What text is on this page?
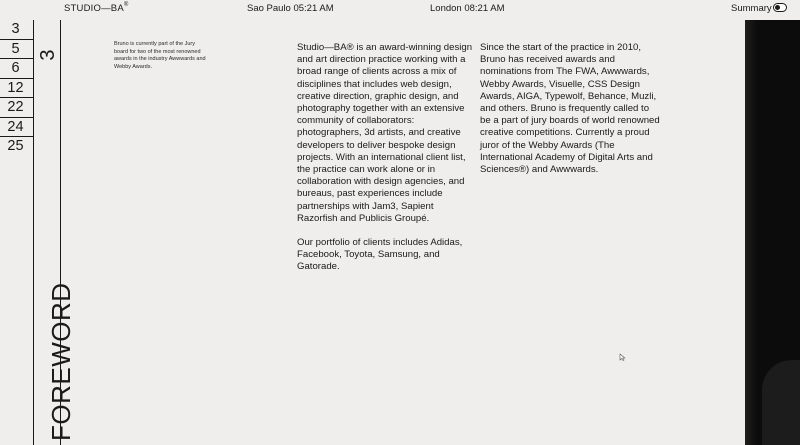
STUDIO—BA®	Sao Paulo 05:21 AM	London 08:21 AM	Summary
3
5
6
12
22
24
25
3
FOREWORD
Bruno is currently part of the Jury board for two of the most renowned awards in the industry Awwwards and Webby Awards.

Studio—BA® is an award-winning design and art direction practice working with a broad range of clients across a mix of disciplines that includes web design, creative direction, graphic design, and photography together with an extensive community of collaborators: photographers, 3d artists, and creative developers to deliver bespoke design projects. With an international client list, the practice can work alone or in collaboration with design agencies, and bureaus, past experiences include partnerships with Jam3, Sapient Razorfish and Publicis Groupé.

Our portfolio of clients includes Adidas, Facebook, Toyota, Samsung, and Gatorade.

Since the start of the practice in 2010, Bruno has received awards and nominations from The FWA, Awwwards, Webby Awards, Visuelle, CSS Design Awards, AIGA, Typewolf, Behance, Muzli, and others. Bruno is frequently called to be a part of jury boards of world renowned creative competitions. Currently a proud juror of the Webby Awards (The International Academy of Digital Arts and Sciences®) and Awwwards.
